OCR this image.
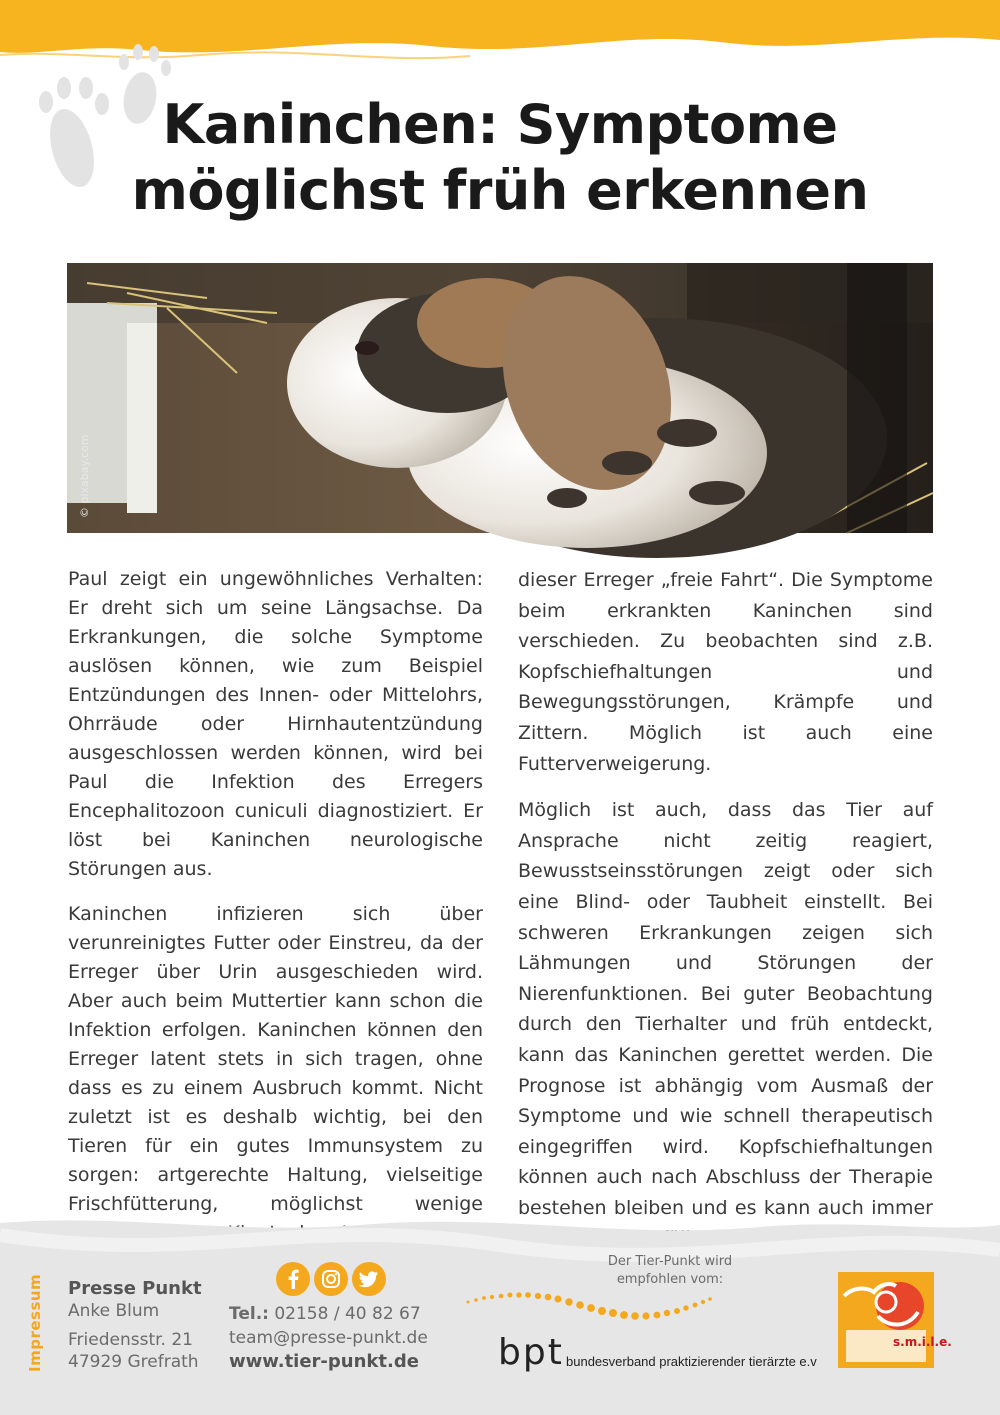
Kaninchen: Symptome
möglichst früh erkennen
© pixabay.com

Paul zeigt ein ungewöhnliches Verhalten: Er dreht sich um seine Längsachse. Da Erkrankungen, die solche Symptome auslösen können, wie zum Beispiel Entzündungen des Innen- oder Mittelohrs, Ohrräude oder Hirnhautentzündung ausgeschlossen werden können, wird bei Paul die Infektion des Erregers Encephalitozoon cuniculi diagnostiziert. Er löst bei Kaninchen neurologische Störungen aus.

Kaninchen infizieren sich über verunreinigtes Futter oder Einstreu, da der Erreger über Urin ausgeschieden wird. Aber auch beim Muttertier kann schon die Infektion erfolgen. Kaninchen können den Erreger latent stets in sich tragen, ohne dass es zu einem Ausbruch kommt. Nicht zuletzt ist es deshalb wichtig, bei den Tieren für ein gutes Immunsystem zu sorgen: artgerechte Haltung, vielseitige Frischfütterung, möglichst wenige

dieser Erreger „freie Fahrt“. Die Symptome beim erkrankten Kaninchen sind verschieden. Zu beobachten sind z.B. Kopfschiefhaltungen und Bewegungsstörungen, Krämpfe und Zittern. Möglich ist auch eine Futterverweigerung.

Möglich ist auch, dass das Tier auf Ansprache nicht zeitig reagiert, Bewusstseinsstörungen zeigt oder sich eine Blind- oder Taubheit einstellt. Bei schweren Erkrankungen zeigen sich Lähmungen und Störungen der Nierenfunktionen. Bei guter Beobachtung durch den Tierhalter und früh entdeckt, kann das Kaninchen gerettet werden. Die Prognose ist abhängig vom Ausmaß der Symptome und wie schnell therapeutisch eingegriffen wird. Kopfschiefhaltungen können auch nach Abschluss der Therapie bestehen bleiben und es kann auch immer

Impressum Presse Punkt
Anke Blum
Friedensstr. 21
47929 Grefrath
Tel.: 02158 / 40 82 67
team@presse-punkt.de
www.tier-punkt.de
Der Tier-Punkt wird
empfohlen vom:
bpt bundesverband praktizierender tierärzte e.v
s.m.i.l.e.
